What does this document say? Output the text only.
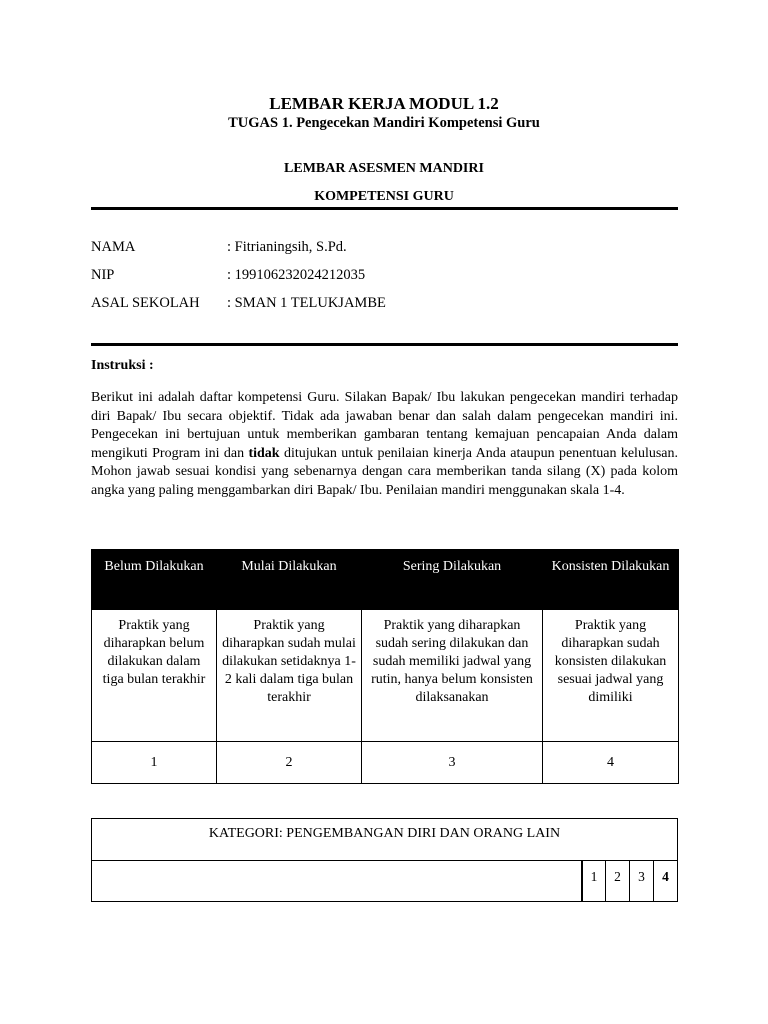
LEMBAR KERJA MODUL 1.2
TUGAS 1. Pengecekan Mandiri Kompetensi Guru
LEMBAR ASESMEN MANDIRI
KOMPETENSI GURU
NAMA	: Fitrianingsih, S.Pd.
NIP	: 199106232024212035
ASAL SEKOLAH	: SMAN 1 TELUKJAMBE
Instruksi :

Berikut ini adalah daftar kompetensi Guru. Silakan Bapak/ Ibu lakukan pengecekan mandiri terhadap diri Bapak/ Ibu secara objektif. Tidak ada jawaban benar dan salah dalam pengecekan mandiri ini. Pengecekan ini bertujuan untuk memberikan gambaran tentang kemajuan pencapaian Anda dalam mengikuti Program ini dan tidak ditujukan untuk penilaian kinerja Anda ataupun penentuan kelulusan. Mohon jawab sesuai kondisi yang sebenarnya dengan cara memberikan tanda silang (X) pada kolom angka yang paling menggambarkan diri Bapak/ Ibu. Penilaian mandiri menggunakan skala 1-4.

Belum Dilakukan	Mulai Dilakukan	Sering Dilakukan	Konsisten Dilakukan
Praktik yang diharapkan belum dilakukan dalam tiga bulan terakhir	Praktik yang diharapkan sudah mulai dilakukan setidaknya 1-2 kali dalam tiga bulan terakhir	Praktik yang diharapkan sudah sering dilakukan dan sudah memiliki jadwal yang rutin, hanya belum konsisten dilaksanakan	Praktik yang diharapkan sudah konsisten dilakukan sesuai jadwal yang dimiliki
1	2	3	4
KATEGORI: PENGEMBANGAN DIRI DAN ORANG LAIN
1	2	3	4
